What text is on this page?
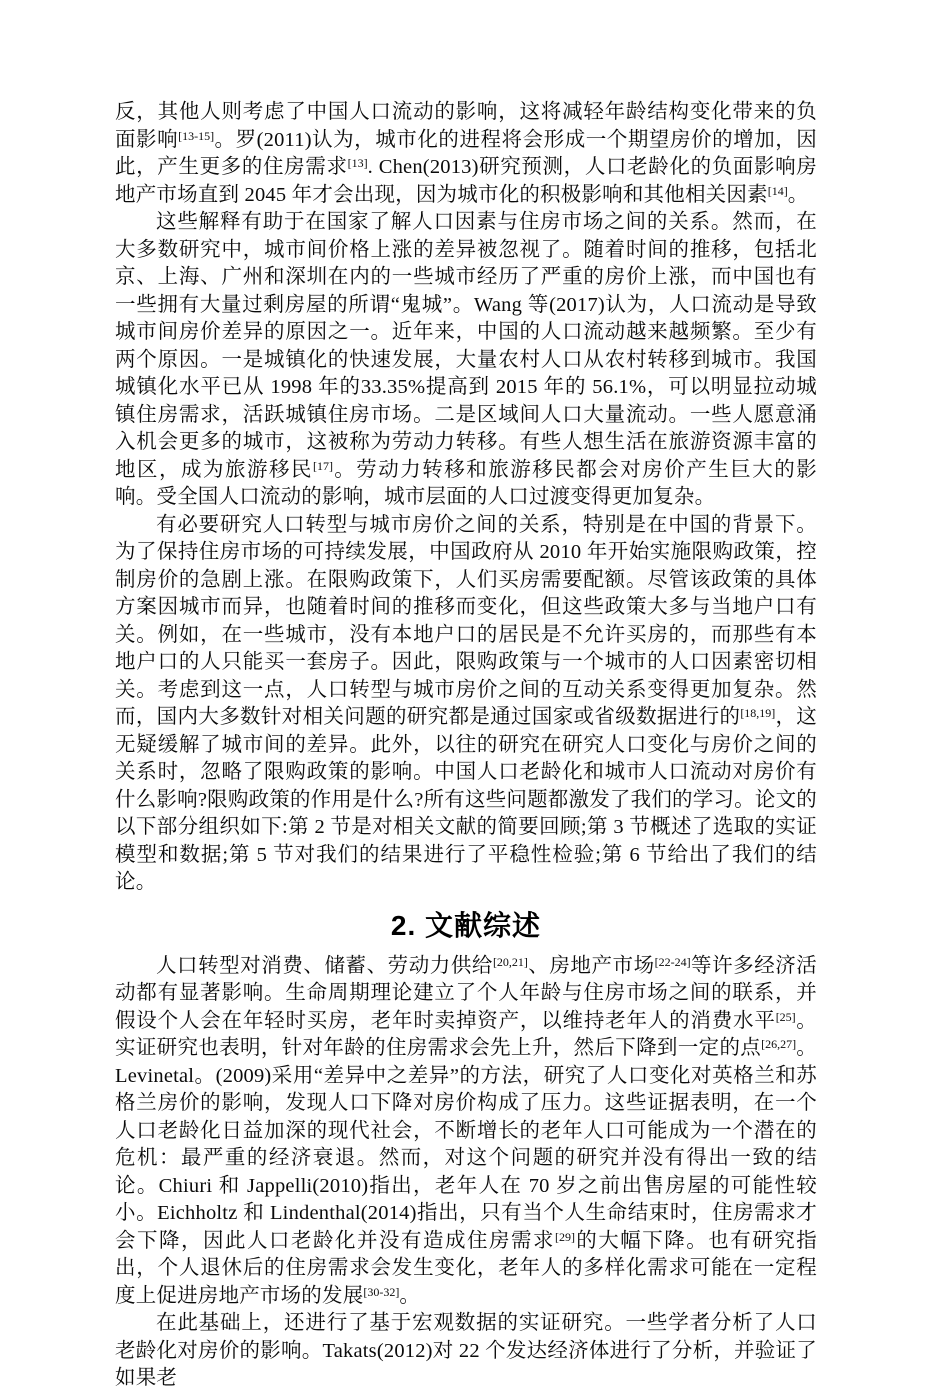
反，其他人则考虑了中国人口流动的影响，这将减轻年龄结构变化带来的负面影响[13-15]。罗(2011)认为，城市化的进程将会形成一个期望房价的增加，因此，产生更多的住房需求[13]. Chen(2013)研究预测，人口老龄化的负面影响房地产市场直到 2045 年才会出现，因为城市化的积极影响和其他相关因素[14]。

这些解释有助于在国家了解人口因素与住房市场之间的关系。然而，在大多数研究中，城市间价格上涨的差异被忽视了。随着时间的推移，包括北京、上海、广州和深圳在内的一些城市经历了严重的房价上涨，而中国也有一些拥有大量过剩房屋的所谓“鬼城”。Wang 等(2017)认为，人口流动是导致城市间房价差异的原因之一。近年来，中国的人口流动越来越频繁。至少有两个原因。一是城镇化的快速发展，大量农村人口从农村转移到城市。我国城镇化水平已从 1998 年的33.35%提高到 2015 年的 56.1%，可以明显拉动城镇住房需求，活跃城镇住房市场。二是区域间人口大量流动。一些人愿意涌入机会更多的城市，这被称为劳动力转移。有些人想生活在旅游资源丰富的地区，成为旅游移民[17]。劳动力转移和旅游移民都会对房价产生巨大的影响。受全国人口流动的影响，城市层面的人口过渡变得更加复杂。

有必要研究人口转型与城市房价之间的关系，特别是在中国的背景下。为了保持住房市场的可持续发展，中国政府从 2010 年开始实施限购政策，控制房价的急剧上涨。在限购政策下，人们买房需要配额。尽管该政策的具体方案因城市而异，也随着时间的推移而变化，但这些政策大多与当地户口有关。例如，在一些城市，没有本地户口的居民是不允许买房的，而那些有本地户口的人只能买一套房子。因此，限购政策与一个城市的人口因素密切相关。考虑到这一点，人口转型与城市房价之间的互动关系变得更加复杂。然而，国内大多数针对相关问题的研究都是通过国家或省级数据进行的[18,19]，这无疑缓解了城市间的差异。此外，以往的研究在研究人口变化与房价之间的关系时，忽略了限购政策的影响。中国人口老龄化和城市人口流动对房价有什么影响?限购政策的作用是什么?所有这些问题都激发了我们的学习。论文的以下部分组织如下:第 2 节是对相关文献的简要回顾;第 3 节概述了选取的实证模型和数据;第 5 节对我们的结果进行了平稳性检验;第 6 节给出了我们的结论。

2. 文献综述

人口转型对消费、储蓄、劳动力供给[20,21]、房地产市场[22-24]等许多经济活动都有显著影响。生命周期理论建立了个人年龄与住房市场之间的联系，并假设个人会在年轻时买房，老年时卖掉资产，以维持老年人的消费水平[25]。实证研究也表明，针对年龄的住房需求会先上升，然后下降到一定的点[26,27]。Levinetal。(2009)采用“差异中之差异”的方法，研究了人口变化对英格兰和苏格兰房价的影响，发现人口下降对房价构成了压力。这些证据表明，在一个人口老龄化日益加深的现代社会，不断增长的老年人口可能成为一个潜在的危机：最严重的经济衰退。然而，对这个问题的研究并没有得出一致的结论。Chiuri 和 Jappelli(2010)指出，老年人在 70 岁之前出售房屋的可能性较小。Eichholtz 和 Lindenthal(2014)指出，只有当个人生命结束时，住房需求才会下降，因此人口老龄化并没有造成住房需求[29]的大幅下降。也有研究指出，个人退休后的住房需求会发生变化，老年人的多样化需求可能在一定程度上促进房地产市场的发展[30-32]。

在此基础上，还进行了基于宏观数据的实证研究。一些学者分析了人口老龄化对房价的影响。Takats(2012)对 22 个发达经济体进行了分析，并验证了如果老
